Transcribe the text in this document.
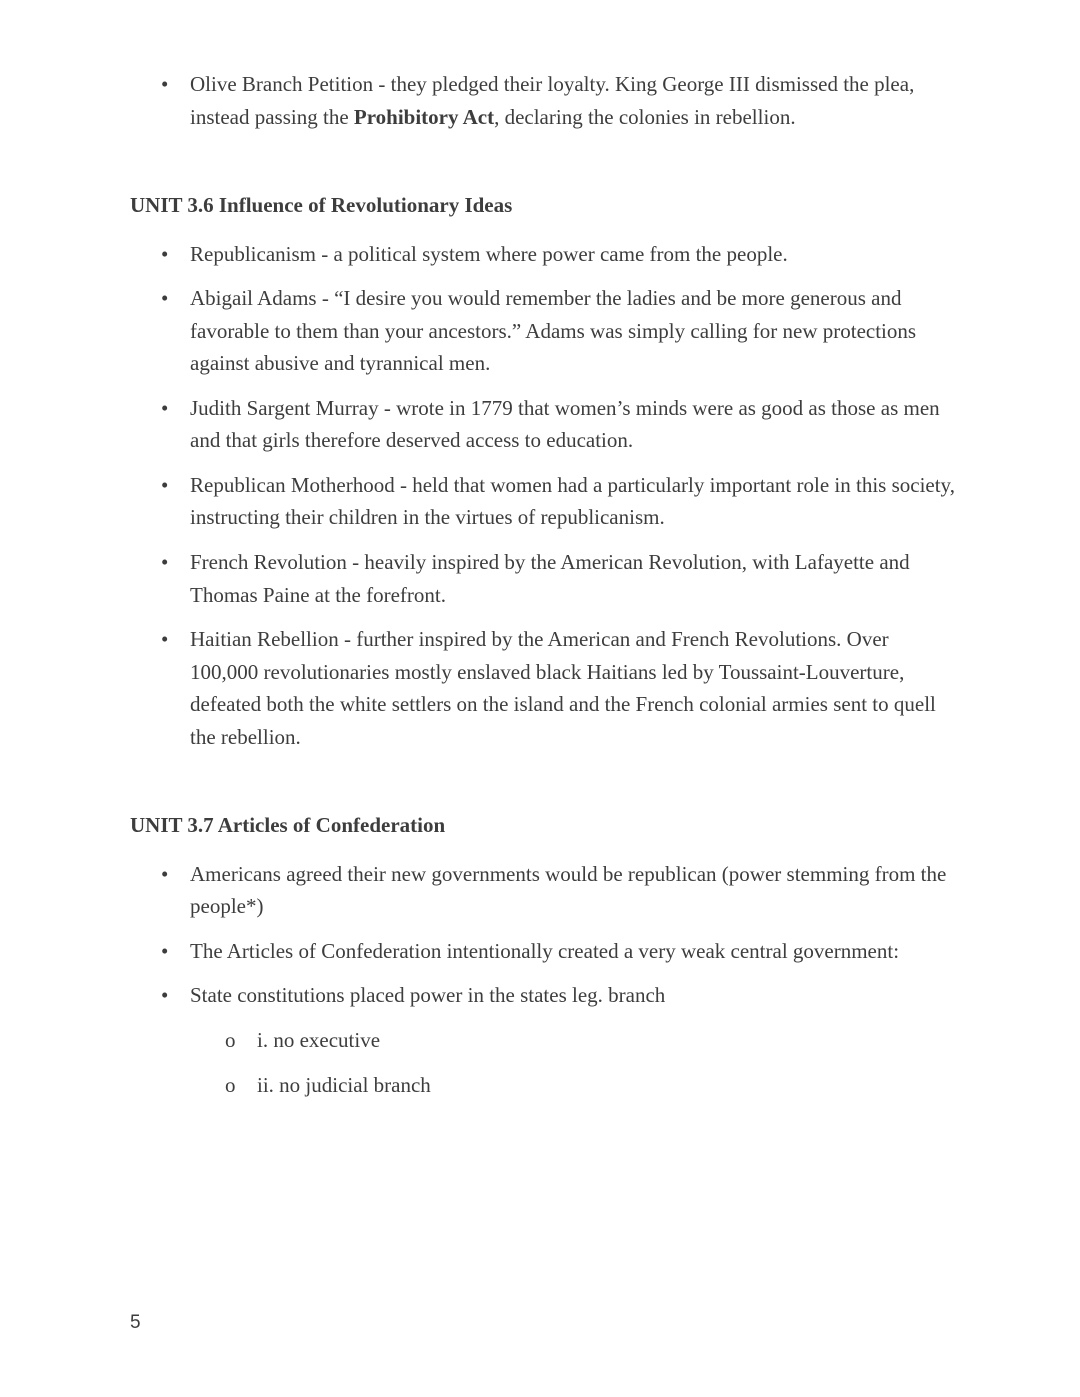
• Olive Branch Petition - they pledged their loyalty. King George III dismissed the plea, instead passing the Prohibitory Act, declaring the colonies in rebellion.
UNIT 3.6 Influence of Revolutionary Ideas
• Republicanism - a political system where power came from the people.
• Abigail Adams - “I desire you would remember the ladies and be more generous and favorable to them than your ancestors.” Adams was simply calling for new protections against abusive and tyrannical men.
• Judith Sargent Murray - wrote in 1779 that women’s minds were as good as those as men and that girls therefore deserved access to education.
• Republican Motherhood - held that women had a particularly important role in this society, instructing their children in the virtues of republicanism.
• French Revolution - heavily inspired by the American Revolution, with Lafayette and Thomas Paine at the forefront.
• Haitian Rebellion - further inspired by the American and French Revolutions. Over 100,000 revolutionaries mostly enslaved black Haitians led by Toussaint-Louverture, defeated both the white settlers on the island and the French colonial armies sent to quell the rebellion.
UNIT 3.7 Articles of Confederation
• Americans agreed their new governments would be republican (power stemming from the people*)
• The Articles of Confederation intentionally created a very weak central government:
• State constitutions placed power in the states leg. branch
o i. no executive
o ii. no judicial branch
5
